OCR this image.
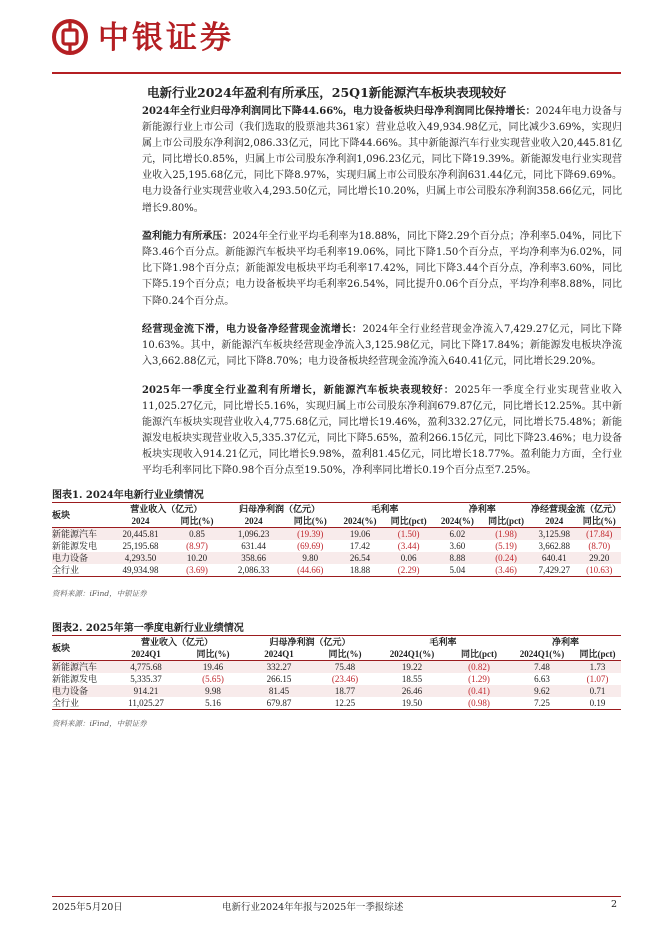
中银证券
电新行业2024年盈利有所承压，25Q1新能源汽车板块表现较好

2024年全行业归母净利润同比下降44.66%，电力设备板块归母净利润同比保持增长：2024年电力设备与新能源行业上市公司（我们选取的股票池共361家）营业总收入49,934.98亿元，同比减少3.69%，实现归属上市公司股东净利润2,086.33亿元，同比下降44.66%。其中新能源汽车行业实现营业收入20,445.81亿元，同比增长0.85%，归属上市公司股东净利润1,096.23亿元，同比下降19.39%。新能源发电行业实现营业收入25,195.68亿元，同比下降8.97%，实现归属上市公司股东净利润631.44亿元，同比下降69.69%。电力设备行业实现营业收入4,293.50亿元，同比增长10.20%，归属上市公司股东净利润358.66亿元，同比增长9.80%。

盈利能力有所承压：2024年全行业平均毛利率为18.88%，同比下降2.29个百分点；净利率5.04%，同比下降3.46个百分点。新能源汽车板块平均毛利率19.06%，同比下降1.50个百分点，平均净利率为6.02%，同比下降1.98个百分点；新能源发电板块平均毛利率17.42%，同比下降3.44个百分点，净利率3.60%，同比下降5.19个百分点；电力设备板块平均毛利率26.54%，同比提升0.06个百分点，平均净利率8.88%，同比下降0.24个百分点。

经营现金流下滑，电力设备净经营现金流增长：2024年全行业经营现金净流入7,429.27亿元，同比下降10.63%。其中，新能源汽车板块经营现金净流入3,125.98亿元，同比下降17.84%；新能源发电板块净流入3,662.88亿元，同比下降8.70%；电力设备板块经营现金流净流入640.41亿元，同比增长29.20%。

2025年一季度全行业盈利有所增长，新能源汽车板块表现较好：2025年一季度全行业实现营业收入11,025.27亿元，同比增长5.16%，实现归属上市公司股东净利润679.87亿元，同比增长12.25%。其中新能源汽车板块实现营业收入4,775.68亿元，同比增长19.46%，盈利332.27亿元，同比增长75.48%；新能源发电板块实现营业收入5,335.37亿元，同比下降5.65%，盈利266.15亿元，同比下降23.46%；电力设备板块实现收入914.21亿元，同比增长9.98%，盈利81.45亿元，同比增长18.77%。盈利能力方面，全行业平均毛利率同比下降0.98个百分点至19.50%，净利率同比增长0.19个百分点至7.25%。

图表1. 2024年电新行业业绩情况
板块	营业收入（亿元）		归母净利润（亿元）		毛利率		净利率		净经营现金流（亿元）	
	2024	同比(%)	2024	同比(%)	2024(%)	同比(pct)	2024(%)	同比(pct)	2024	同比(%)
新能源汽车	20,445.81	0.85	1,096.23	(19.39)	19.06	(1.50)	6.02	(1.98)	3,125.98	(17.84)
新能源发电	25,195.68	(8.97)	631.44	(69.69)	17.42	(3.44)	3.60	(5.19)	3,662.88	(8.70)
电力设备	4,293.50	10.20	358.66	9.80	26.54	0.06	8.88	(0.24)	640.41	29.20
全行业	49,934.98	(3.69)	2,086.33	(44.66)	18.88	(2.29)	5.04	(3.46)	7,429.27	(10.63)
资料来源：iFind，中银证券
图表2. 2025年第一季度电新行业业绩情况
板块	营业收入（亿元）		归母净利润（亿元）		毛利率		净利率	
	2024Q1	同比(%)	2024Q1	同比(%)	2024Q1(%)	同比(pct)	2024Q1(%)	同比(pct)
新能源汽车	4,775.68	19.46	332.27	75.48	19.22	(0.82)	7.48	1.73
新能源发电	5,335.37	(5.65)	266.15	(23.46)	18.55	(1.29)	6.63	(1.07)
电力设备	914.21	9.98	81.45	18.77	26.46	(0.41)	9.62	0.71
全行业	11,025.27	5.16	679.87	12.25	19.50	(0.98)	7.25	0.19
资料来源：iFind，中银证券
2025年5月20日	电新行业2024年年报与2025年一季报综述	2
